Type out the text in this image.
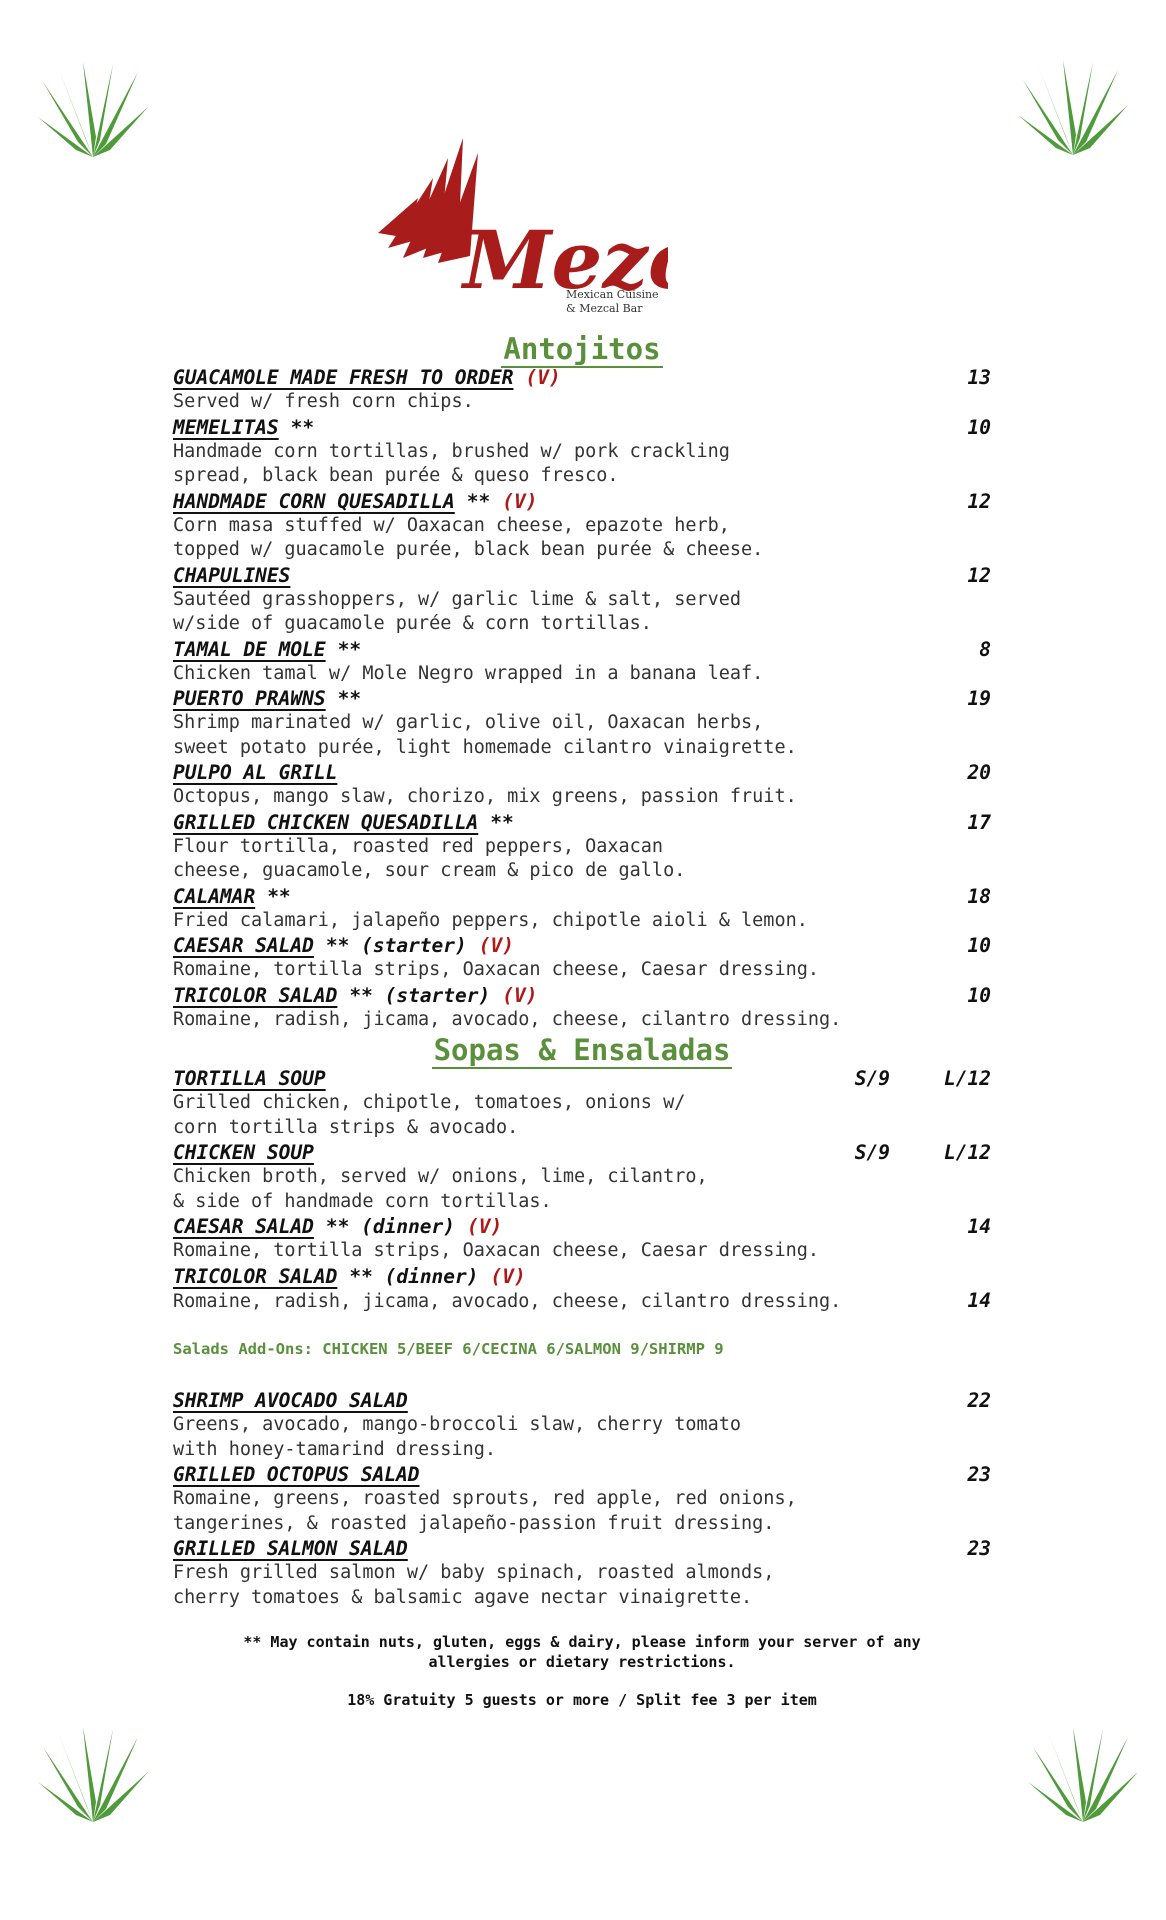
Mez
Mexican Cuisine
& Mezcal Bar
Antojitos
GUACAMOLE MADE FRESH TO ORDER (V)	13

Served w/ fresh corn chips.

MEMELITAS **	10

Handmade corn tortillas, brushed w/ pork crackling

spread, black bean purée & queso fresco.

HANDMADE CORN QUESADILLA ** (V)	12

Corn masa stuffed w/ Oaxacan cheese, epazote herb,

topped w/ guacamole purée, black bean purée & cheese.

CHAPULINES	12

Sautéed grasshoppers, w/ garlic lime & salt, served

w/side of guacamole purée & corn tortillas.

TAMAL DE MOLE **	8

Chicken tamal w/ Mole Negro wrapped in a banana leaf.

PUERTO PRAWNS **	19

Shrimp marinated w/ garlic, olive oil, Oaxacan herbs,

sweet potato purée, light homemade cilantro vinaigrette.

PULPO AL GRILL	20

Octopus, mango slaw, chorizo, mix greens, passion fruit.

GRILLED CHICKEN QUESADILLA **	17

Flour tortilla, roasted red peppers, Oaxacan

cheese, guacamole, sour cream & pico de gallo.

CALAMAR **	18

Fried calamari, jalapeño peppers, chipotle aioli & lemon.

CAESAR SALAD ** (starter) (V)	10

Romaine, tortilla strips, Oaxacan cheese, Caesar dressing.

TRICOLOR SALAD ** (starter) (V)	10

Romaine, radish, jicama, avocado, cheese, cilantro dressing.

Sopas & Ensaladas
TORTILLA SOUP	S/9	L/12

Grilled chicken, chipotle, tomatoes, onions w/

corn tortilla strips & avocado.

CHICKEN SOUP	S/9	L/12

Chicken broth, served w/ onions, lime, cilantro,

& side of handmade corn tortillas.

CAESAR SALAD ** (dinner) (V)	14

Romaine, tortilla strips, Oaxacan cheese, Caesar dressing.

TRICOLOR SALAD ** (dinner) (V)

Romaine, radish, jicama, avocado, cheese, cilantro dressing.	14
Salads Add-Ons: CHICKEN 5/BEEF 6/CECINA 6/SALMON 9/SHIRMP 9
SHRIMP AVOCADO SALAD	22

Greens, avocado, mango-broccoli slaw, cherry tomato

with honey-tamarind dressing.

GRILLED OCTOPUS SALAD	23

Romaine, greens, roasted sprouts, red apple, red onions,

tangerines, & roasted jalapeño-passion fruit dressing.

GRILLED SALMON SALAD	23

Fresh grilled salmon w/ baby spinach, roasted almonds,

cherry tomatoes & balsamic agave nectar vinaigrette.

** May contain nuts, gluten, eggs & dairy, please inform your server of any
allergies or dietary restrictions.
18% Gratuity 5 guests or more / Split fee 3 per item
